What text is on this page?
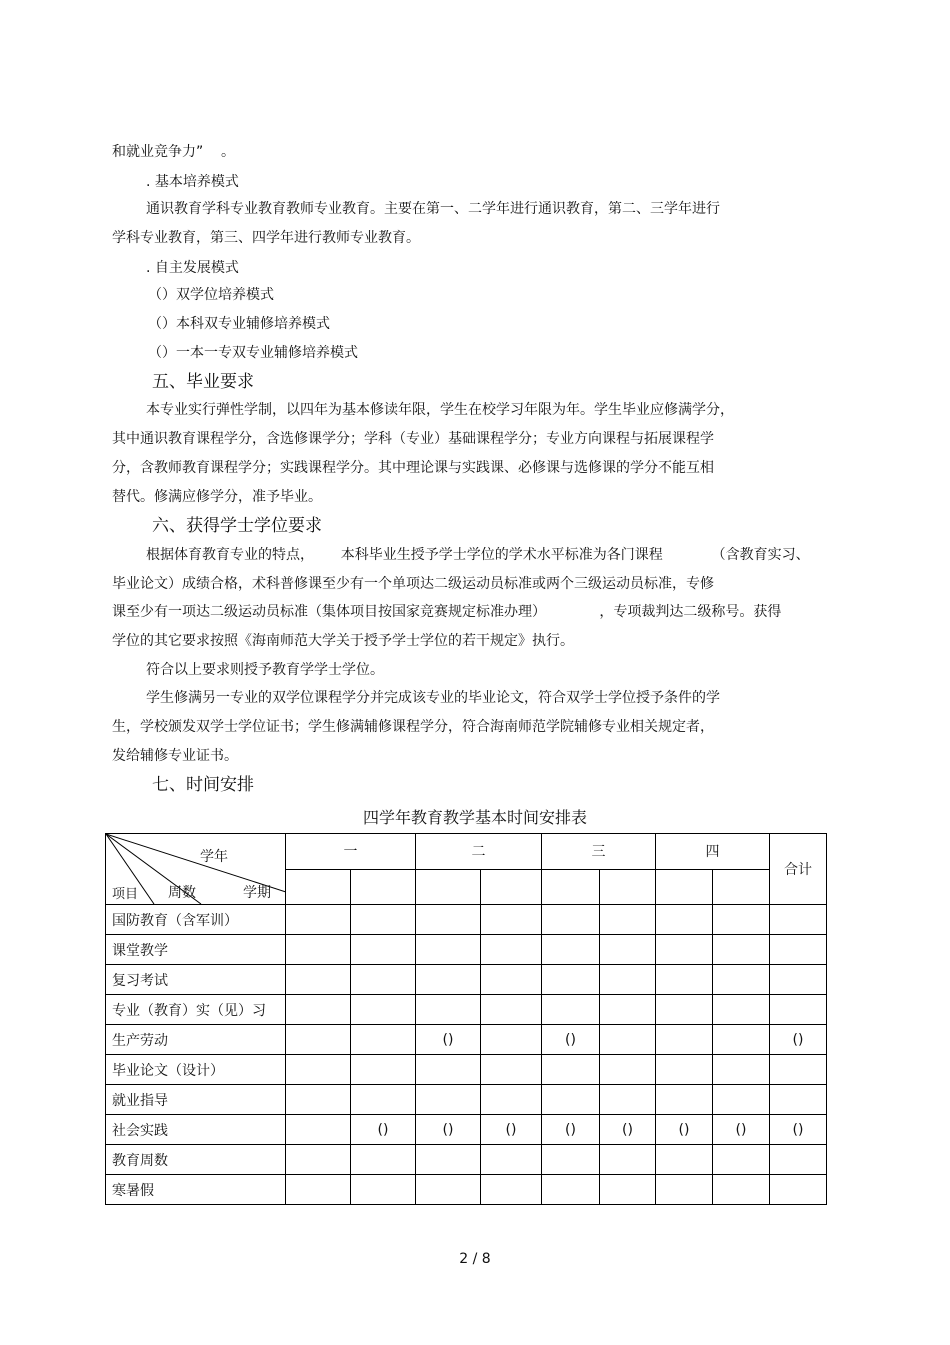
和就业竞争力”    。
. 基本培养模式
通识教育学科专业教育教师专业教育。主要在第一、二学年进行通识教育，第二、三学年进行
学科专业教育，第三、四学年进行教师专业教育。
. 自主发展模式
（）双学位培养模式
（）本科双专业辅修培养模式
（）一本一专双专业辅修培养模式
五、毕业要求
本专业实行弹性学制，以四年为基本修读年限，学生在校学习年限为年。学生毕业应修满学分，
其中通识教育课程学分，含选修课学分；学科（专业）基础课程学分；专业方向课程与拓展课程学
分，含教师教育课程学分；实践课程学分。其中理论课与实践课、必修课与选修课的学分不能互相
替代。修满应修学分，准予毕业。
六、获得学士学位要求
根据体育教育专业的特点，      本科毕业生授予学士学位的学术水平标准为各门课程           （含教育实习、
毕业论文）成绩合格，术科普修课至少有一个单项达二级运动员标准或两个三级运动员标准，专修
课至少有一项达二级运动员标准（集体项目按国家竞赛规定标准办理）            ，专项裁判达二级称号。获得
学位的其它要求按照《海南师范大学关于授予学士学位的若干规定》执行。
符合以上要求则授予教育学学士学位。
学生修满另一专业的双学位课程学分并完成该专业的毕业论文，符合双学士学位授予条件的学
生，学校颁发双学士学位证书；学生修满辅修课程学分，符合海南师范学院辅修专业相关规定者，
发给辅修专业证书。
七、时间安排
四学年教育教学基本时间安排表
学年
项目 周数 学期	一		二		三		四		合计

国防教育（含军训）									
课堂教学									
复习考试									
专业（教育）实（见）习									
生产劳动			()		()				()
毕业论文（设计）									
就业指导									
社会实践		()	()	()	()	()	()	()	()
教育周数									
寒暑假									
2 / 8
